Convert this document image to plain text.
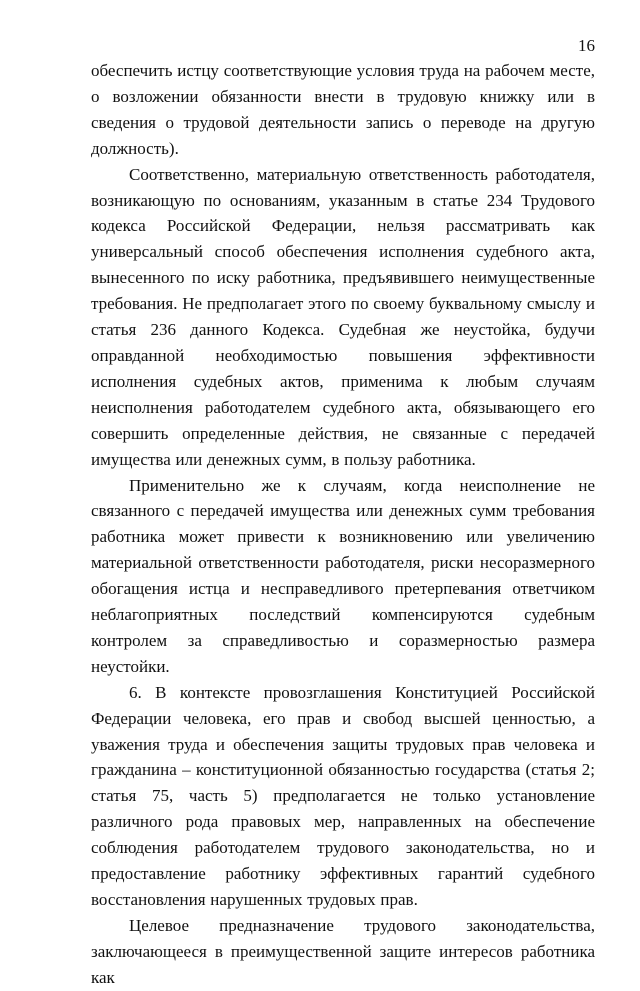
16

обеспечить истцу соответствующие условия труда на рабочем месте, о возложении обязанности внести в трудовую книжку или в сведения о трудовой деятельности запись о переводе на другую должность).

Соответственно, материальную ответственность работодателя, возникающую по основаниям, указанным в статье 234 Трудового кодекса Российской Федерации, нельзя рассматривать как универсальный способ обеспечения исполнения судебного акта, вынесенного по иску работника, предъявившего неимущественные требования. Не предполагает этого по своему буквальному смыслу и статья 236 данного Кодекса. Судебная же неустойка, будучи оправданной необходимостью повышения эффективности исполнения судебных актов, применима к любым случаям неисполнения работодателем судебного акта, обязывающего его совершить определенные действия, не связанные с передачей имущества или денежных сумм, в пользу работника.

Применительно же к случаям, когда неисполнение не связанного с передачей имущества или денежных сумм требования работника может привести к возникновению или увеличению материальной ответственности работодателя, риски несоразмерного обогащения истца и несправедливого претерпевания ответчиком неблагоприятных последствий компенсируются судебным контролем за справедливостью и соразмерностью размера неустойки.

6. В контексте провозглашения Конституцией Российской Федерации человека, его прав и свобод высшей ценностью, а уважения труда и обеспечения защиты трудовых прав человека и гражданина – конституционной обязанностью государства (статья 2; статья 75, часть 5) предполагается не только установление различного рода правовых мер, направленных на обеспечение соблюдения работодателем трудового законодательства, но и предоставление работнику эффективных гарантий судебного восстановления нарушенных трудовых прав.

Целевое предназначение трудового законодательства, заключающееся в преимущественной защите интересов работника как
